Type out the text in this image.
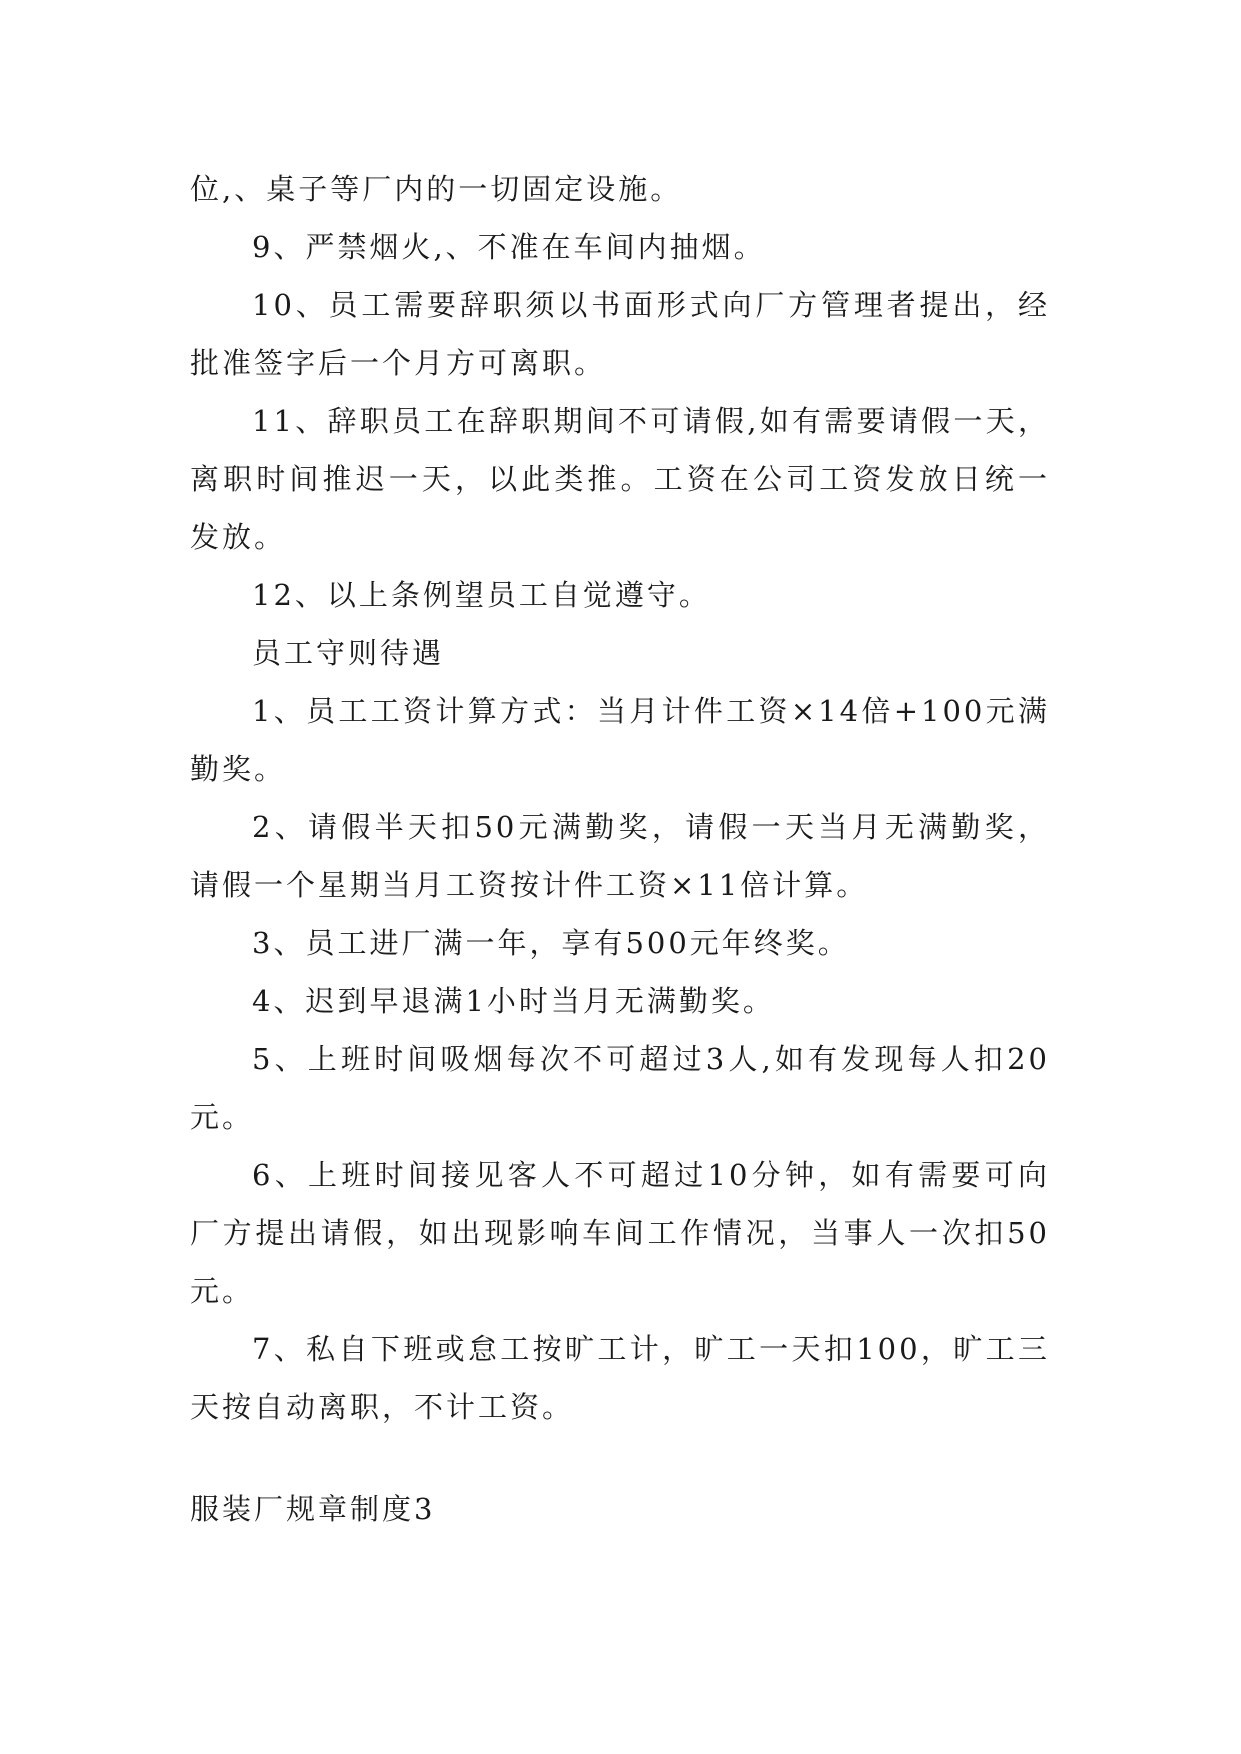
位,、桌子等厂内的一切固定设施。

9、严禁烟火,、不准在车间内抽烟。

10、员工需要辞职须以书面形式向厂方管理者提出，经批准签字后一个月方可离职。

11、辞职员工在辞职期间不可请假,如有需要请假一天，离职时间推迟一天，以此类推。工资在公司工资发放日统一发放。

12、以上条例望员工自觉遵守。

员工守则待遇

1、员工工资计算方式：当月计件工资×14倍+100元满勤奖。

2、请假半天扣50元满勤奖，请假一天当月无满勤奖，请假一个星期当月工资按计件工资×11倍计算。

3、员工进厂满一年，享有500元年终奖。

4、迟到早退满1小时当月无满勤奖。

5、上班时间吸烟每次不可超过3人,如有发现每人扣20元。

6、上班时间接见客人不可超过10分钟，如有需要可向厂方提出请假，如出现影响车间工作情况，当事人一次扣50元。

7、私自下班或怠工按旷工计，旷工一天扣100，旷工三天按自动离职，不计工资。

服装厂规章制度3
